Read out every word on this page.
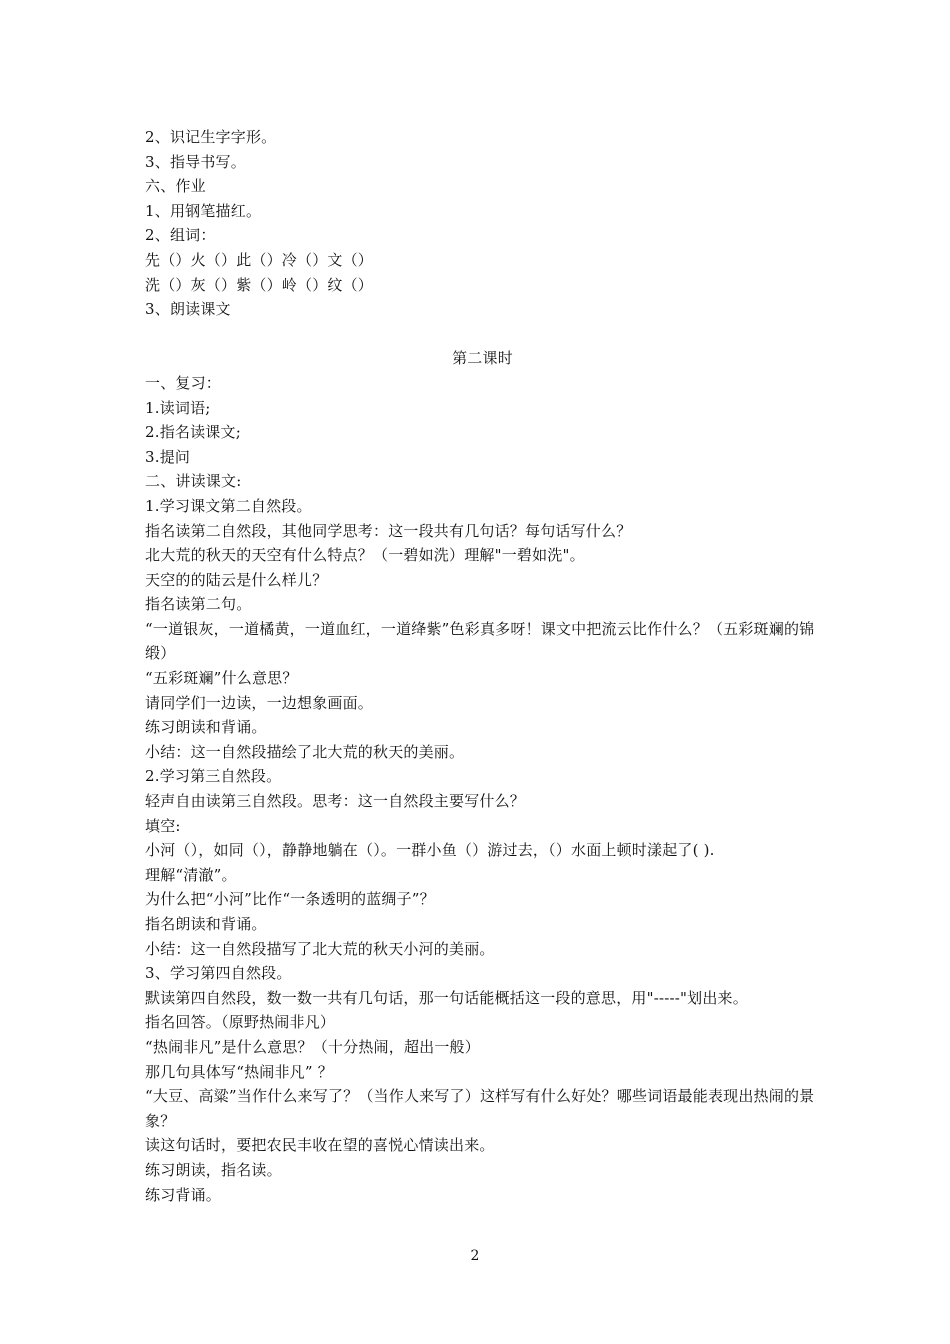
2、识记生字字形。
3、指导书写。
六、作业
1、用钢笔描红。
2、组词：
先（）火（）此（）冷（）文（）
洗（）灰（）紫（）岭（）纹（）
3、朗读课文
第二课时
一、复习：
1.读词语;
2.指名读课文;
3.提问
二、讲读课文:
1.学习课文第二自然段。
指名读第二自然段，其他同学思考：这一段共有几句话？每句话写什么？
北大荒的秋天的天空有什么特点？（一碧如洗）理解"一碧如洗"。
天空的的陆云是什么样儿？
指名读第二句。
“一道银灰，一道橘黄，一道血红，一道绛紫”色彩真多呀！课文中把流云比作什么？（五彩斑斓的锦缎）
“五彩斑斓”什么意思？
请同学们一边读，一边想象画面。
练习朗读和背诵。
小结：这一自然段描绘了北大荒的秋天的美丽。
2.学习第三自然段。
轻声自由读第三自然段。思考：这一自然段主要写什么？
填空:
小河（），如同（），静静地躺在（）。一群小鱼（）游过去，（）水面上顿时漾起了( ).
理解“清澈”。
为什么把“小河”比作“一条透明的蓝绸子”？
指名朗读和背诵。
小结：这一自然段描写了北大荒的秋天小河的美丽。
3、学习第四自然段。
默读第四自然段，数一数一共有几句话，那一句话能概括这一段的意思，用"-----"划出来。
指名回答。（原野热闹非凡）
“热闹非凡”是什么意思？（十分热闹，超出一般）
那几句具体写“热闹非凡” ？
“大豆、高粱”当作什么来写了？（当作人来写了）这样写有什么好处？哪些词语最能表现出热闹的景象？
读这句话时，要把农民丰收在望的喜悦心情读出来。
练习朗读，指名读。
练习背诵。
2
